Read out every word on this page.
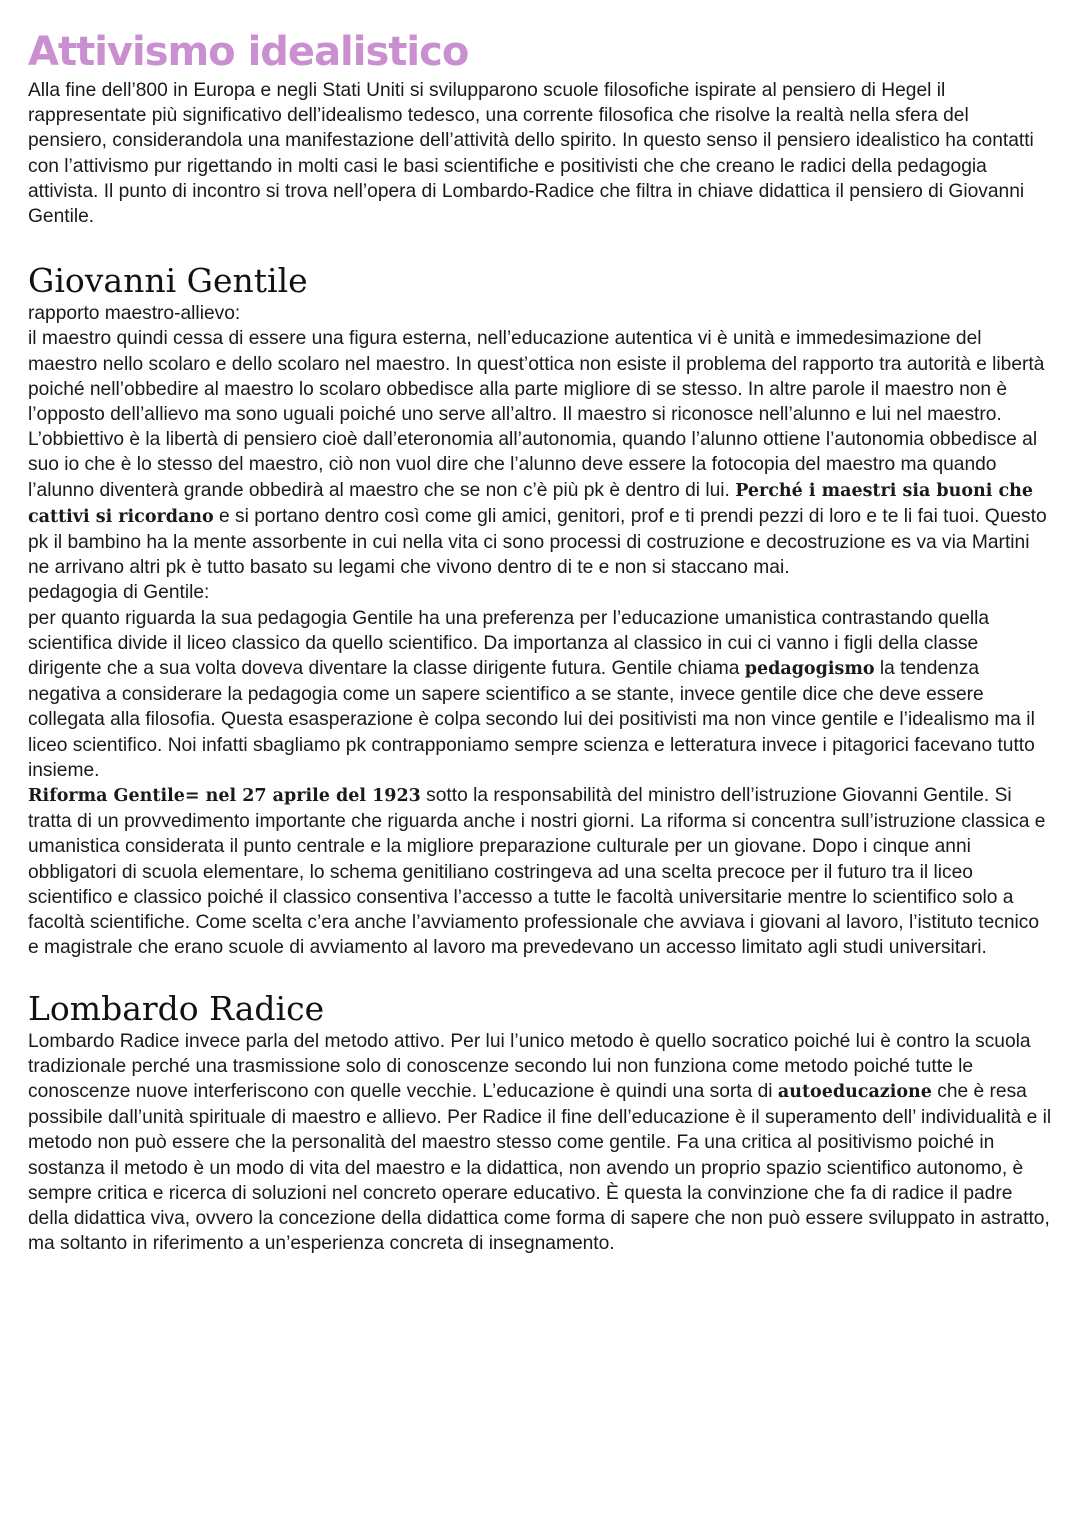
Attivismo idealistico

Alla fine dell’800 in Europa e negli Stati Uniti si svilupparono scuole filosofiche ispirate al pensiero di Hegel il rappresentate più significativo dell’idealismo tedesco, una corrente filosofica che risolve la realtà nella sfera del pensiero, considerandola una manifestazione dell’attività dello spirito. In questo senso il pensiero idealistico ha contatti con l’attivismo pur rigettando in molti casi le basi scientifiche e positivisti che che creano le radici della pedagogia attivista. Il punto di incontro si trova nell’opera di Lombardo-Radice che filtra in chiave didattica il pensiero di Giovanni Gentile.

Giovanni Gentile

rapporto maestro-allievo:

il maestro quindi cessa di essere una figura esterna, nell’educazione autentica vi è unità e immedesimazione del maestro nello scolaro e dello scolaro nel maestro. In quest’ottica non esiste il problema del rapporto tra autorità e libertà poiché nell’obbedire al maestro lo scolaro obbedisce alla parte migliore di se stesso. In altre parole il maestro non è l’opposto dell’allievo ma sono uguali poiché uno serve all’altro. Il maestro si riconosce nell’alunno e lui nel maestro. L’obbiettivo è la libertà di pensiero cioè dall’eteronomia all’autonomia, quando l’alunno ottiene l’autonomia obbedisce al suo io che è lo stesso del maestro, ciò non vuol dire che l’alunno deve essere la fotocopia del maestro ma quando l’alunno diventerà grande obbedirà al maestro che se non c’è più pk è dentro di lui. Perché i maestri sia buoni che cattivi si ricordano e si portano dentro così come gli amici, genitori, prof e ti prendi pezzi di loro e te li fai tuoi. Questo pk il bambino ha la mente assorbente in cui nella vita ci sono processi di costruzione e decostruzione es va via Martini ne arrivano altri pk è tutto basato su legami che vivono dentro di te e non si staccano mai.

pedagogia di Gentile:

per quanto riguarda la sua pedagogia Gentile ha una preferenza per l’educazione umanistica contrastando quella scientifica divide il liceo classico da quello scientifico. Da importanza al classico in cui ci vanno i figli della classe dirigente che a sua volta doveva diventare la classe dirigente futura. Gentile chiama pedagogismo la tendenza negativa a considerare la pedagogia come un sapere scientifico a se stante, invece gentile dice che deve essere collegata alla filosofia. Questa esasperazione è colpa secondo lui dei positivisti ma non vince gentile e l’idealismo ma il liceo scientifico. Noi infatti sbagliamo pk contrapponiamo sempre scienza e letteratura invece i pitagorici facevano tutto insieme.

Riforma Gentile= nel 27 aprile del 1923 sotto la responsabilità del ministro dell’istruzione Giovanni Gentile. Si tratta di un provvedimento importante che riguarda anche i nostri giorni. La riforma si concentra sull’istruzione classica e umanistica considerata il punto centrale e la migliore preparazione culturale per un giovane. Dopo i cinque anni obbligatori di scuola elementare, lo schema genitiliano costringeva ad una scelta precoce per il futuro tra il liceo scientifico e classico poiché il classico consentiva l’accesso a tutte le facoltà universitarie mentre lo scientifico solo a facoltà scientifiche. Come scelta c’era anche l’avviamento professionale che avviava i giovani al lavoro, l’istituto tecnico e magistrale che erano scuole di avviamento al lavoro ma prevedevano un accesso limitato agli studi universitari.

Lombardo Radice

Lombardo Radice invece parla del metodo attivo. Per lui l’unico metodo è quello socratico poiché lui è contro la scuola tradizionale perché una trasmissione solo di conoscenze secondo lui non funziona come metodo poiché tutte le conoscenze nuove interferiscono con quelle vecchie. L’educazione è quindi una sorta di autoeducazione che è resa possibile dall’unità spirituale di maestro e allievo. Per Radice il fine dell’educazione è il superamento dell’ individualità e il metodo non può essere che la personalità del maestro stesso come gentile. Fa una critica al positivismo poiché in sostanza il metodo è un modo di vita del maestro e la didattica, non avendo un proprio spazio scientifico autonomo, è sempre critica e ricerca di soluzioni nel concreto operare educativo. È questa la convinzione che fa di radice il padre della didattica viva, ovvero la concezione della didattica come forma di sapere che non può essere sviluppato in astratto, ma soltanto in riferimento a un’esperienza concreta di insegnamento.
